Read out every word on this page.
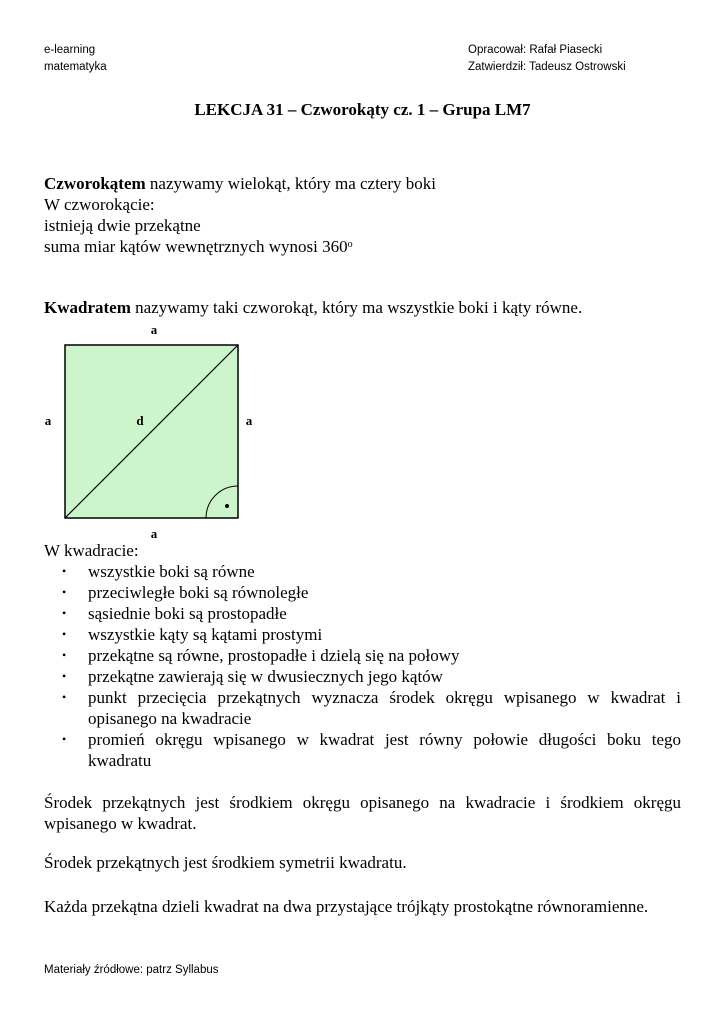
e-learning
matematyka
Opracował: Rafał Piasecki
Zatwierdził: Tadeusz Ostrowski
LEKCJA 31 – Czworokąty cz. 1 – Grupa LM7
Czworokątem nazywamy wielokąt, który ma cztery boki
W czworokącie:
istnieją dwie przekątne
suma miar kątów wewnętrznych wynosi 360$^o$
Kwadratem nazywamy taki czworokąt, który ma wszystkie boki i kąty równe.
a
a	a
d
a
W kwadracie:
• wszystkie boki są równe
• przeciwległe boki są równoległe
• sąsiednie boki są prostopadłe
• wszystkie kąty są kątami prostymi
• przekątne są równe, prostopadłe i dzielą się na połowy
• przekątne zawierają się w dwusiecznych jego kątów
• punkt przecięcia przekątnych wyznacza środek okręgu wpisanego w kwadrat i opisanego na kwadracie
• promień okręgu wpisanego w kwadrat jest równy połowie długości boku tego kwadratu
Środek przekątnych jest środkiem okręgu opisanego na kwadracie i środkiem okręgu wpisanego w kwadrat.
Środek przekątnych jest środkiem symetrii kwadratu.
Każda przekątna dzieli kwadrat na dwa przystające trójkąty prostokątne równoramienne.
Materiały źródłowe: patrz Syllabus
